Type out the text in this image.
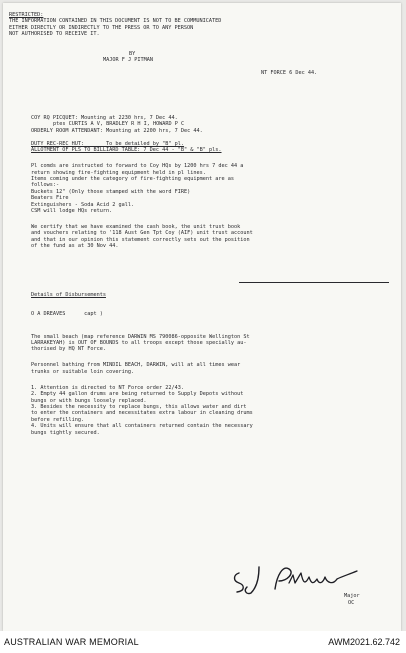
RESTRICTED:
THE INFORMATION CONTAINED IN THIS DOCUMENT IS NOT TO BE COMMUNICATED
EITHER DIRECTLY OR INDIRECTLY TO THE PRESS OR TO ANY PERSON
NOT AUTHORISED TO RECEIVE IT.

BY
MAJOR F J PITMAN

NT FORCE 6 Dec 44.

COY RQ PICQUET: Mounting at 2230 hrs, 7 Dec 44.
ptes CURTIS A V, BRADLEY R H I, HOWARD P C
ORDERLY ROOM ATTENDANT: Mounting at 2200 hrs, 7 Dec 44.

DUTY REC-REC HUT:       To be detailed by "B" pl.
ALLOTMENT OF PLS TO BILLIARD TABLE: 7 Dec 44 - "B" & "B" pls.

Pl comds are instructed to forward to Coy HQs by 1200 hrs 7 dec 44 a
return showing fire-fighting equipment held in pl lines.
Items coming under the category of fire-fighting equipment are as
follows:-
Buckets 12" (Only those stamped with the word FIRE)
Beaters Fire
Extinguishers - Soda Acid 2 gall.
CSM will lodge HQs return.

We certify that we have examined the cash book, the unit trust book
and vouchers relating to '118 Aust Gen Tpt Coy (AIF) unit trust account
and that in our opinion this statement correctly sets out the position
of the fund as at 30 Nov 44.

Details of Disbursements

O A DREAVES      capt )

The small beach (map reference DARWIN MS 790086-opposite Wellington St
LARRAKEYAH) is OUT OF BOUNDS to all troops except those specially au-
thorised by HQ NT Force.

Personnel bathing from MINDIL BEACH, DARWIN, will at all times wear
trunks or suitable loin covering.

1. Attention is directed to NT Force order 22/43.
2. Empty 44 gallon drums are being returned to Supply Depots without
bungs or with bungs loosely replaced.
3. Besides the necessity to replace bungs, this allows water and dirt
to enter the containers and necessitates extra labour in cleaning drums
before refilling.
4. Units will ensure that all containers returned contain the necessary
bungs tightly secured.
Major
OC
AUSTRALIAN WAR MEMORIAL	AWM2021.62.742
